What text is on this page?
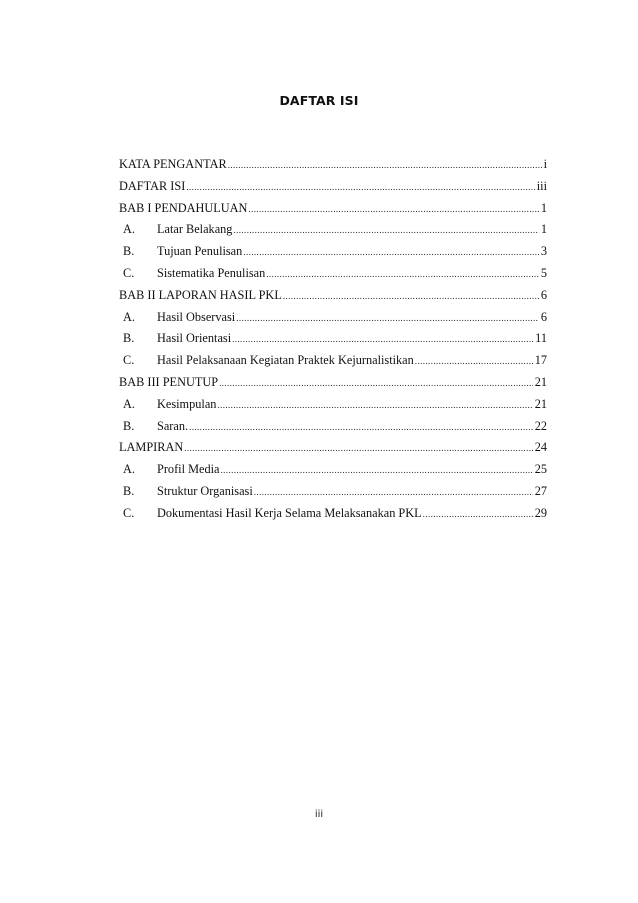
DAFTAR ISI
KATA PENGANTAR .....	i
DAFTAR ISI .....	iii
BAB I PENDAHULUAN .....	1
A.	Latar Belakang .....	1
B.	Tujuan Penulisan .....	3
C.	Sistematika Penulisan .....	5
BAB II LAPORAN HASIL PKL .....	6
A.	Hasil Observasi .....	6
B.	Hasil Orientasi .....	11
C.	Hasil Pelaksanaan Kegiatan Praktek Kejurnalistikan .....	17
BAB III PENUTUP .....	21
A.	Kesimpulan .....	21
B.	Saran. .....	22
LAMPIRAN .....	24
A.	Profil Media .....	25
B.	Struktur Organisasi .....	27
C.	Dokumentasi Hasil Kerja Selama Melaksanakan PKL .....	29
iii
